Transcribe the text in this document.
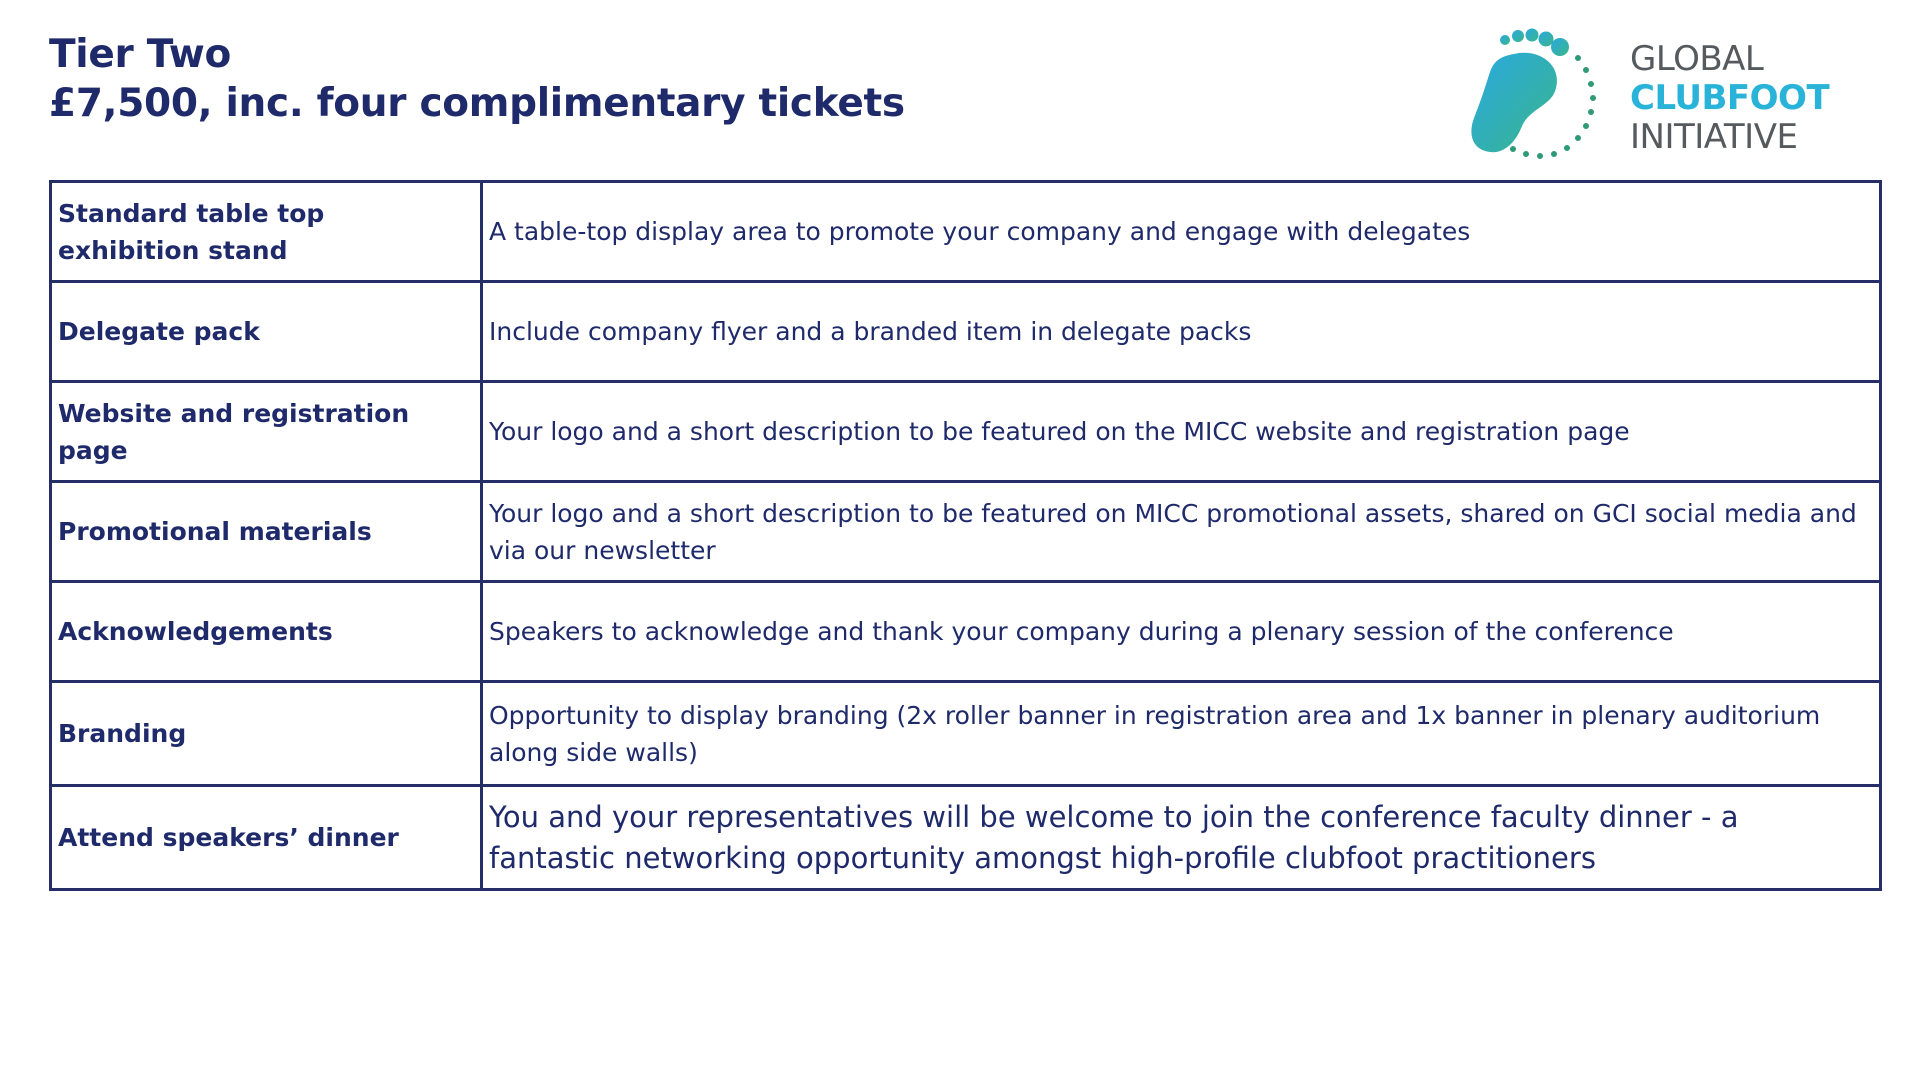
Tier Two
£7,500, inc. four complimentary tickets
GLOBAL
CLUBFOOT
INITIATIVE
Standard table top exhibition stand	A table-top display area to promote your company and engage with delegates
Delegate pack	Include company flyer and a branded item in delegate packs
Website and registration page	Your logo and a short description to be featured on the MICC website and registration page
Promotional materials	Your logo and a short description to be featured on MICC promotional assets, shared on GCI social media and via our newsletter
Acknowledgements	Speakers to acknowledge and thank your company during a plenary session of the conference
Branding	Opportunity to display branding (2x roller banner in registration area and 1x banner in plenary auditorium along side walls)
Attend speakers’ dinner	You and your representatives will be welcome to join the conference faculty dinner - a fantastic networking opportunity amongst high-profile clubfoot practitioners
